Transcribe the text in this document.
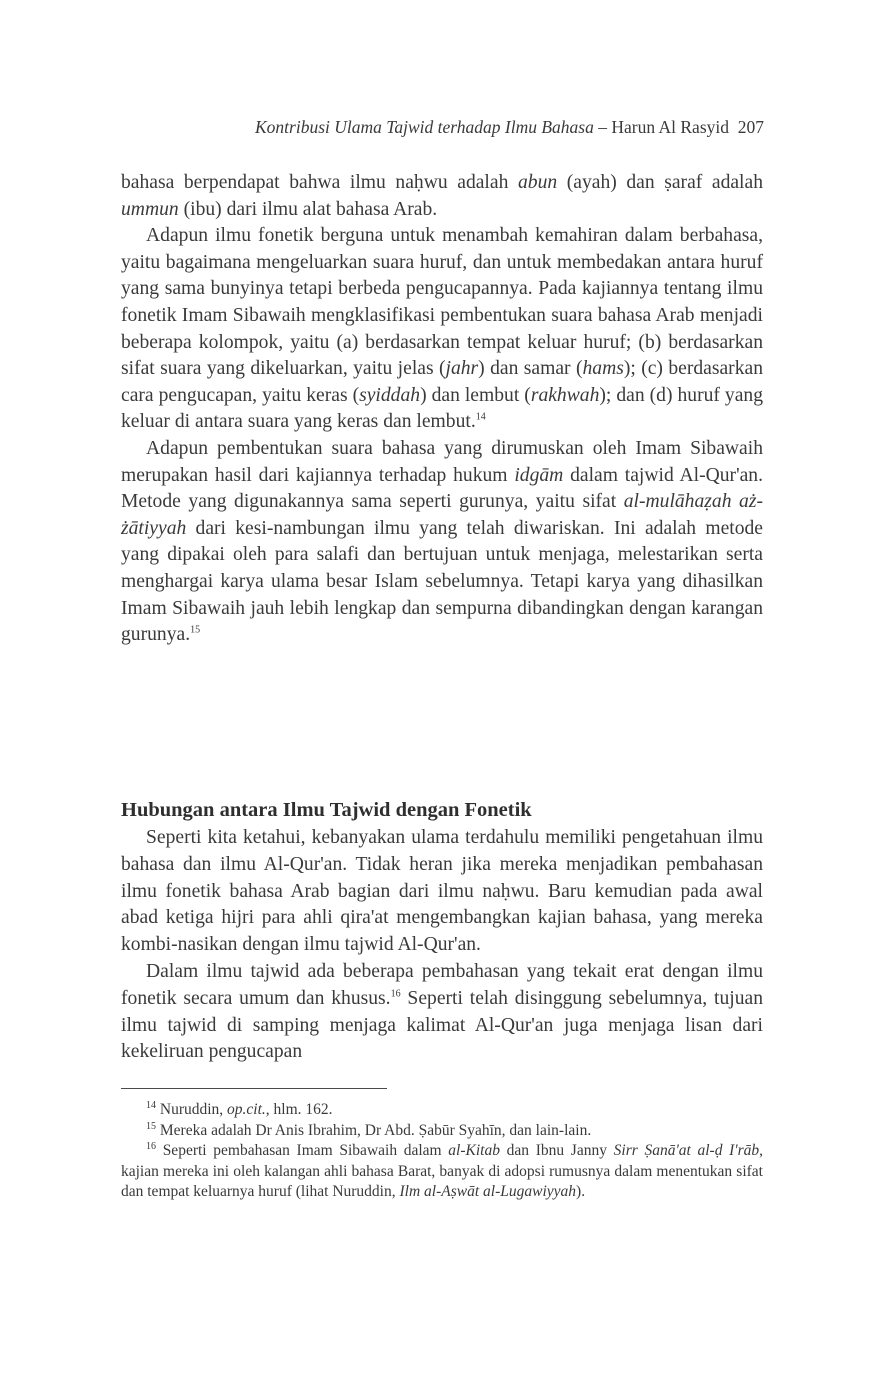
Kontribusi Ulama Tajwid terhadap Ilmu Bahasa – Harun Al Rasyid 207

bahasa berpendapat bahwa ilmu naḥwu adalah abun (ayah) dan ṣaraf adalah ummun (ibu) dari ilmu alat bahasa Arab.

Adapun ilmu fonetik berguna untuk menambah kemahiran dalam berbahasa, yaitu bagaimana mengeluarkan suara huruf, dan untuk membedakan antara huruf yang sama bunyinya tetapi berbeda pengucapannya. Pada kajiannya tentang ilmu fonetik Imam Sibawaih mengklasifikasi pembentukan suara bahasa Arab menjadi beberapa kolompok, yaitu (a) berdasarkan tempat keluar huruf; (b) berdasarkan sifat suara yang dikeluarkan, yaitu jelas (jahr) dan samar (hams); (c) berdasarkan cara pengucapan, yaitu keras (syiddah) dan lembut (rakhwah); dan (d) huruf yang keluar di antara suara yang keras dan lembut.$^{14}$

Adapun pembentukan suara bahasa yang dirumuskan oleh Imam Sibawaih merupakan hasil dari kajiannya terhadap hukum idgām dalam tajwid Al-Qur'an. Metode yang digunakannya sama seperti gurunya, yaitu sifat al-mulāhaẓah aż-żātiyyah dari kesi-nambungan ilmu yang telah diwariskan. Ini adalah metode yang dipakai oleh para salafi dan bertujuan untuk menjaga, melestarikan serta menghargai karya ulama besar Islam sebelumnya. Tetapi karya yang dihasilkan Imam Sibawaih jauh lebih lengkap dan sempurna dibandingkan dengan karangan gurunya.$^{15}$

Hubungan antara Ilmu Tajwid dengan Fonetik

Seperti kita ketahui, kebanyakan ulama terdahulu memiliki pengetahuan ilmu bahasa dan ilmu Al-Qur'an. Tidak heran jika mereka menjadikan pembahasan ilmu fonetik bahasa Arab bagian dari ilmu naḥwu. Baru kemudian pada awal abad ketiga hijri para ahli qira'at mengembangkan kajian bahasa, yang mereka kombi-nasikan dengan ilmu tajwid Al-Qur'an.

Dalam ilmu tajwid ada beberapa pembahasan yang tekait erat dengan ilmu fonetik secara umum dan khusus.$^{16}$ Seperti telah disinggung sebelumnya, tujuan ilmu tajwid di samping menjaga kalimat Al-Qur'an juga menjaga lisan dari kekeliruan pengucapan

$^{14}$ Nuruddin, op.cit., hlm. 162.

$^{15}$ Mereka adalah Dr Anis Ibrahim, Dr Abd. Ṣabūr Syahīn, dan lain-lain.

$^{16}$ Seperti pembahasan Imam Sibawaih dalam al-Kitab dan Ibnu Janny Sirr Ṣanā'at al-ḍ I'rāb, kajian mereka ini oleh kalangan ahli bahasa Barat, banyak di adopsi rumusnya dalam menentukan sifat dan tempat keluarnya huruf (lihat Nuruddin, Ilm al-Aṣwāt al-Lugawiyyah).
